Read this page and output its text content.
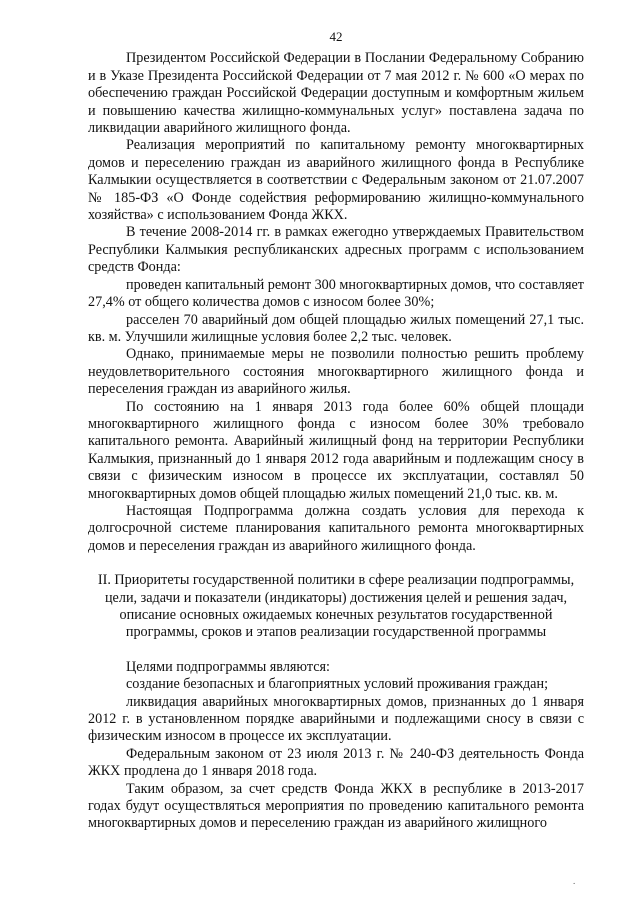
42

Президентом Российской Федерации в Послании Федеральному Собранию и в Указе Президента Российской Федерации от 7 мая 2012 г. № 600 «О мерах по обеспечению граждан Российской Федерации доступным и комфортным жильем и повышению качества жилищно-коммунальных услуг» поставлена задача по ликвидации аварийного жилищного фонда.

Реализация мероприятий по капитальному ремонту многоквартирных домов и переселению граждан из аварийного жилищного фонда в Республике Калмыкии осуществляется в соответствии с Федеральным законом от 21.07.2007 № 185-ФЗ «О Фонде содействия реформированию жилищно-коммунального хозяйства» с использованием Фонда ЖКХ.

В течение 2008-2014 гг. в рамках ежегодно утверждаемых Правительством Республики Калмыкия республиканских адресных программ с использованием средств Фонда:

проведен капитальный ремонт 300 многоквартирных домов, что составляет 27,4% от общего количества домов с износом более 30%;

расселен 70 аварийный дом общей площадью жилых помещений 27,1 тыс. кв. м. Улучшили жилищные условия более 2,2 тыс. человек.

Однако, принимаемые меры не позволили полностью решить проблему неудовлетворительного состояния многоквартирного жилищного фонда и переселения граждан из аварийного жилья.

По состоянию на 1 января 2013 года более 60% общей площади многоквартирного жилищного фонда с износом более 30% требовало капитального ремонта. Аварийный жилищный фонд на территории Республики Калмыкия, признанный до 1 января 2012 года аварийным и подлежащим сносу в связи с физическим износом в процессе их эксплуатации, составлял 50 многоквартирных домов общей площадью жилых помещений 21,0 тыс. кв. м.

Настоящая Подпрограмма должна создать условия для перехода к долгосрочной системе планирования капитального ремонта многоквартирных домов и переселения граждан из аварийного жилищного фонда.

II. Приоритеты государственной политики в сфере реализации подпрограммы, цели, задачи и показатели (индикаторы) достижения целей и решения задач, описание основных ожидаемых конечных результатов государственной программы, сроков и этапов реализации государственной программы

Целями подпрограммы являются:

создание безопасных и благоприятных условий проживания граждан;

ликвидация аварийных многоквартирных домов, признанных до 1 января 2012 г. в установленном порядке аварийными и подлежащими сносу в связи с физическим износом в процессе их эксплуатации.

Федеральным законом от 23 июля 2013 г. № 240-ФЗ деятельность Фонда ЖКХ продлена до 1 января 2018 года.

Таким образом, за счет средств Фонда ЖКХ в республике в 2013-2017 годах будут осуществляться мероприятия по проведению капитального ремонта многоквартирных домов и переселению граждан из аварийного жилищного

.
